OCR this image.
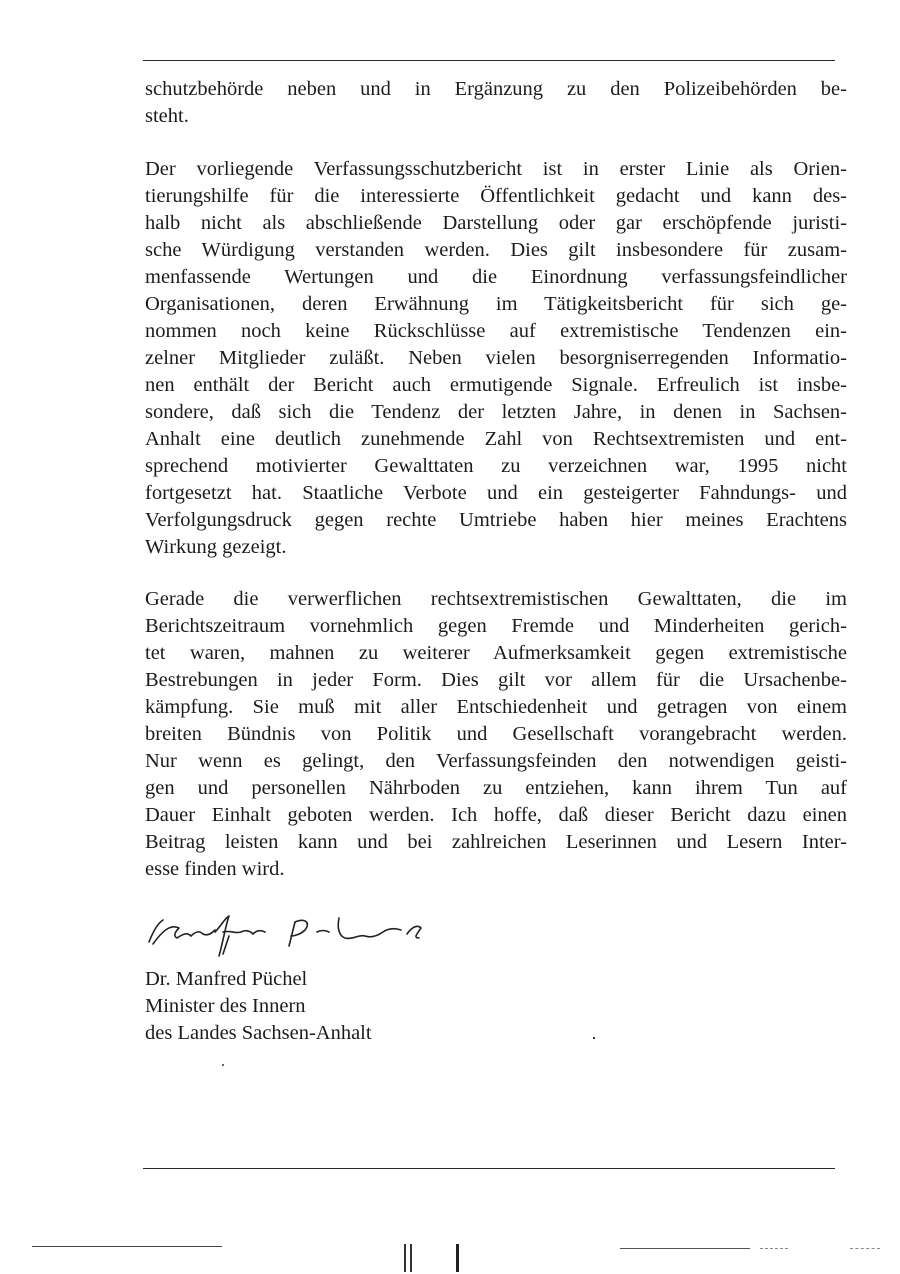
schutzbehörde neben und in Ergänzung zu den Polizeibehörden be-
steht.
Der vorliegende Verfassungsschutzbericht ist in erster Linie als Orien-
tierungshilfe für die interessierte Öffentlichkeit gedacht und kann des-
halb nicht als abschließende Darstellung oder gar erschöpfende juristi-
sche Würdigung verstanden werden. Dies gilt insbesondere für zusam-
menfassende Wertungen und die Einordnung verfassungsfeindlicher
Organisationen, deren Erwähnung im Tätigkeitsbericht für sich ge-
nommen noch keine Rückschlüsse auf extremistische Tendenzen ein-
zelner Mitglieder zuläßt. Neben vielen besorgniserregenden Informatio-
nen enthält der Bericht auch ermutigende Signale. Erfreulich ist insbe-
sondere, daß sich die Tendenz der letzten Jahre, in denen in Sachsen-
Anhalt eine deutlich zunehmende Zahl von Rechtsextremisten und ent-
sprechend motivierter Gewalttaten zu verzeichnen war, 1995 nicht
fortgesetzt hat. Staatliche Verbote und ein gesteigerter Fahndungs- und
Verfolgungsdruck gegen rechte Umtriebe haben hier meines Erachtens
Wirkung gezeigt.
Gerade die verwerflichen rechtsextremistischen Gewalttaten, die im
Berichtszeitraum vornehmlich gegen Fremde und Minderheiten gerich-
tet waren, mahnen zu weiterer Aufmerksamkeit gegen extremistische
Bestrebungen in jeder Form. Dies gilt vor allem für die Ursachenbe-
kämpfung. Sie muß mit aller Entschiedenheit und getragen von einem
breiten Bündnis von Politik und Gesellschaft vorangebracht werden.
Nur wenn es gelingt, den Verfassungsfeinden den notwendigen geisti-
gen und personellen Nährboden zu entziehen, kann ihrem Tun auf
Dauer Einhalt geboten werden. Ich hoffe, daß dieser Bericht dazu einen
Beitrag leisten kann und bei zahlreichen Leserinnen und Lesern Inter-
esse finden wird.
Dr. Manfred Püchel
Minister des Innern
des Landes Sachsen-Anhalt
